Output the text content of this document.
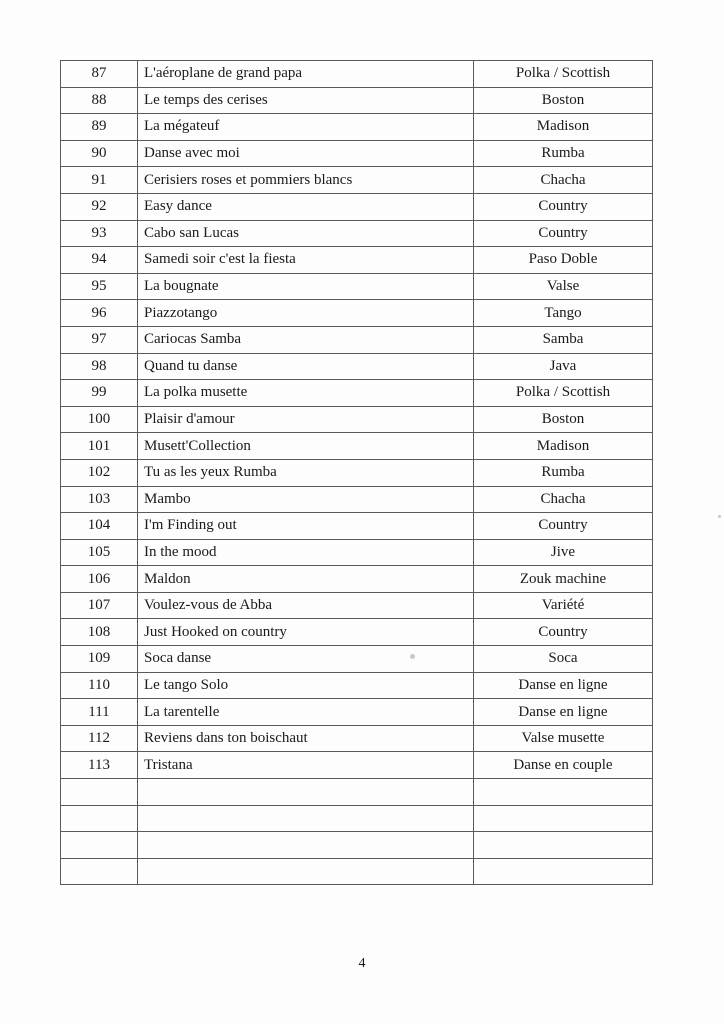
87	L'aéroplane de grand papa	Polka / Scottish
88	Le temps des cerises	Boston
89	La mégateuf	Madison
90	Danse avec moi	Rumba
91	Cerisiers roses et pommiers blancs	Chacha
92	Easy dance	Country
93	Cabo san Lucas	Country
94	Samedi soir c'est la fiesta	Paso Doble
95	La bougnate	Valse
96	Piazzotango	Tango
97	Cariocas Samba	Samba
98	Quand tu danse	Java
99	La polka musette	Polka / Scottish
100	Plaisir d'amour	Boston
101	Musett'Collection	Madison
102	Tu as les yeux Rumba	Rumba
103	Mambo	Chacha
104	I'm Finding out	Country
105	In the mood	Jive
106	Maldon	Zouk machine
107	Voulez-vous de Abba	Variété
108	Just Hooked on country	Country
109	Soca danse	Soca
110	Le tango Solo	Danse en ligne
111	La tarentelle	Danse en ligne
112	Reviens dans ton boischaut	Valse musette
113	Tristana	Danse en couple

4
